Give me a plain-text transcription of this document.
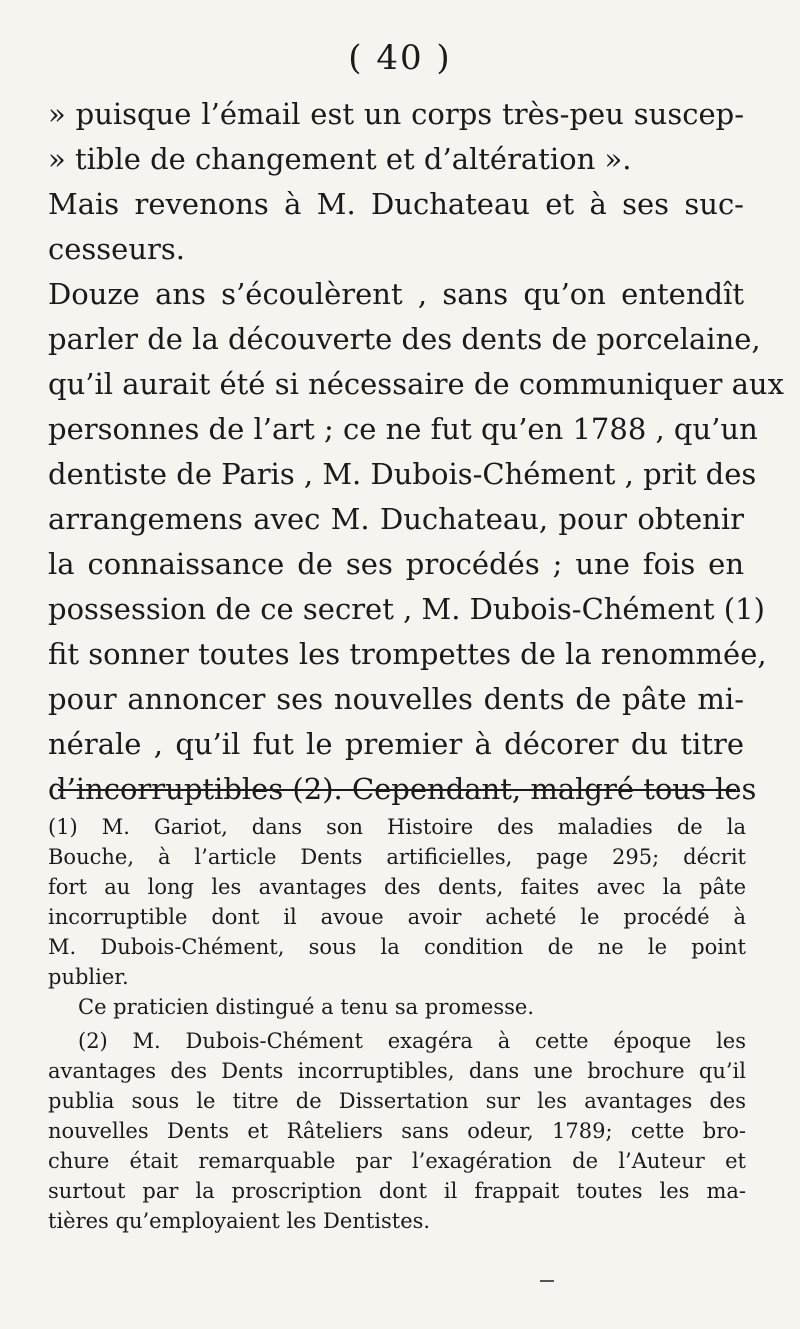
( 40 )
» puisque l’émail est un corps très-peu suscep-
» tible de changement et d’altération ».
Mais revenons à M. Duchateau et à ses suc-
cesseurs.
Douze ans s’écoulèrent , sans qu’on entendît
parler de la découverte des dents de porcelaine,
qu’il aurait été si nécessaire de communiquer aux
personnes de l’art ; ce ne fut qu’en 1788 , qu’un
dentiste de Paris , M. Dubois-Chément , prit des
arrangemens avec M. Duchateau, pour obtenir
la connaissance de ses procédés ; une fois en
possession de ce secret , M. Dubois-Chément (1)
fit sonner toutes les trompettes de la renommée,
pour annoncer ses nouvelles dents de pâte mi-
nérale , qu’il fut le premier à décorer du titre
d’incorruptibles (2). Cependant, malgré tous les
(1) M. Gariot, dans son Histoire des maladies de la
Bouche, à l’article Dents artificielles, page 295; décrit
fort au long les avantages des dents, faites avec la pâte
incorruptible dont il avoue avoir acheté le procédé à
M. Dubois-Chément, sous la condition de ne le point
publier.
Ce praticien distingué a tenu sa promesse.
(2) M. Dubois-Chément exagéra à cette époque les
avantages des Dents incorruptibles, dans une brochure qu’il
publia sous le titre de Dissertation sur les avantages des
nouvelles Dents et Râteliers sans odeur, 1789; cette bro-
chure était remarquable par l’exagération de l’Auteur et
surtout par la proscription dont il frappait toutes les ma-
tières qu’employaient les Dentistes.
